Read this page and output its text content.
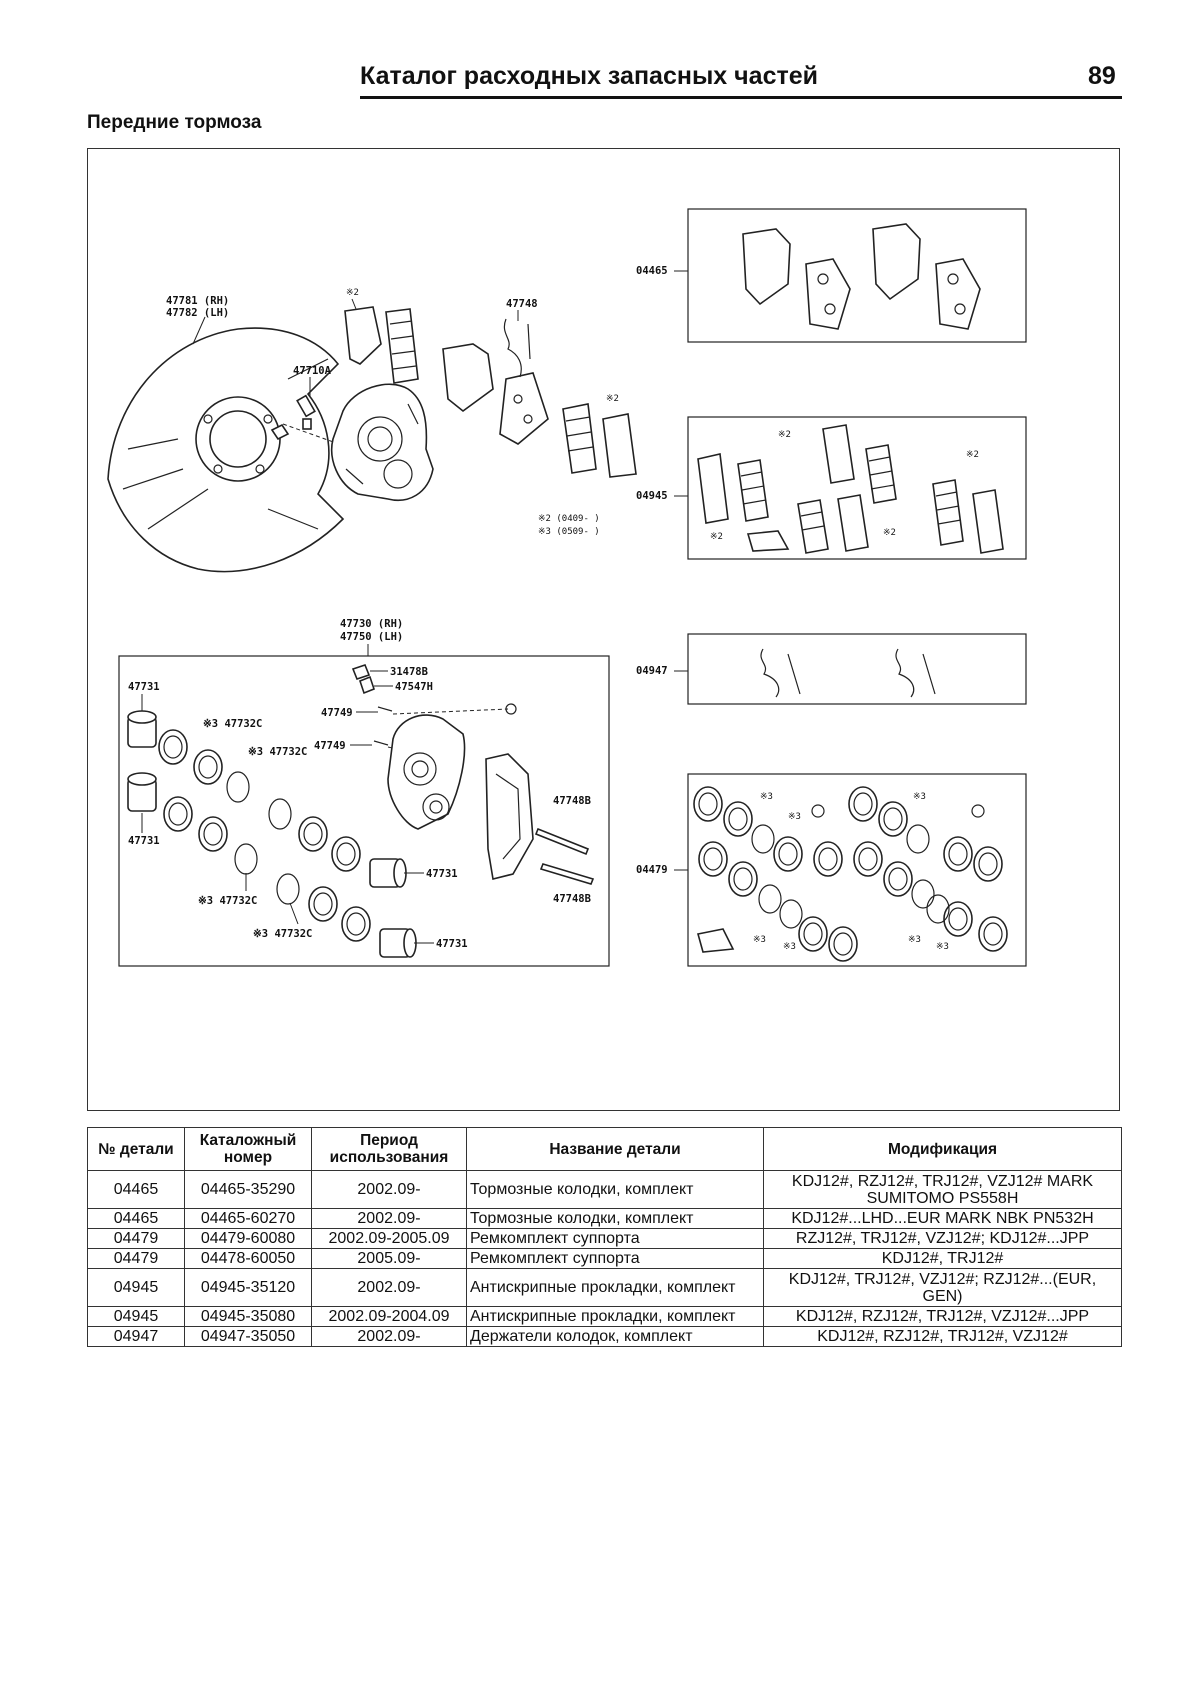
Каталог расходных запасных частей	89
Передние тормоза
47781 (RH)
47782 (LH)
47710A
※2
※2
47748
※2 (0409- )
※3 (0509- )
04465
04945
※2
※2
※2
※2
04947
04479
※3
※3
※3
※3
※3
※3
※3
47730 (RH)
47750 (LH)
31478B
47547H
47749
47749
47748B
47748B
47731
47731
47731
47731
※3 47732C
※3 47732C
※3 47732C
※3 47732C
№ детали	Каталожный номер	Период использования	Название детали	Модификация
04465	04465-35290	2002.09-	Тормозные колодки, комплект	KDJ12#, RZJ12#, TRJ12#, VZJ12# MARK SUMITOMO PS558H
04465	04465-60270	2002.09-	Тормозные колодки, комплект	KDJ12#...LHD...EUR MARK NBK PN532H
04479	04479-60080	2002.09-2005.09	Ремкомплект суппорта	RZJ12#, TRJ12#, VZJ12#; KDJ12#...JPP
04479	04478-60050	2005.09-	Ремкомплект суппорта	KDJ12#, TRJ12#
04945	04945-35120	2002.09-	Антискрипные прокладки, комплект	KDJ12#, TRJ12#, VZJ12#; RZJ12#...(EUR, GEN)
04945	04945-35080	2002.09-2004.09	Антискрипные прокладки, комплект	KDJ12#, RZJ12#, TRJ12#, VZJ12#...JPP
04947	04947-35050	2002.09-	Держатели колодок, комплект	KDJ12#, RZJ12#, TRJ12#, VZJ12#
